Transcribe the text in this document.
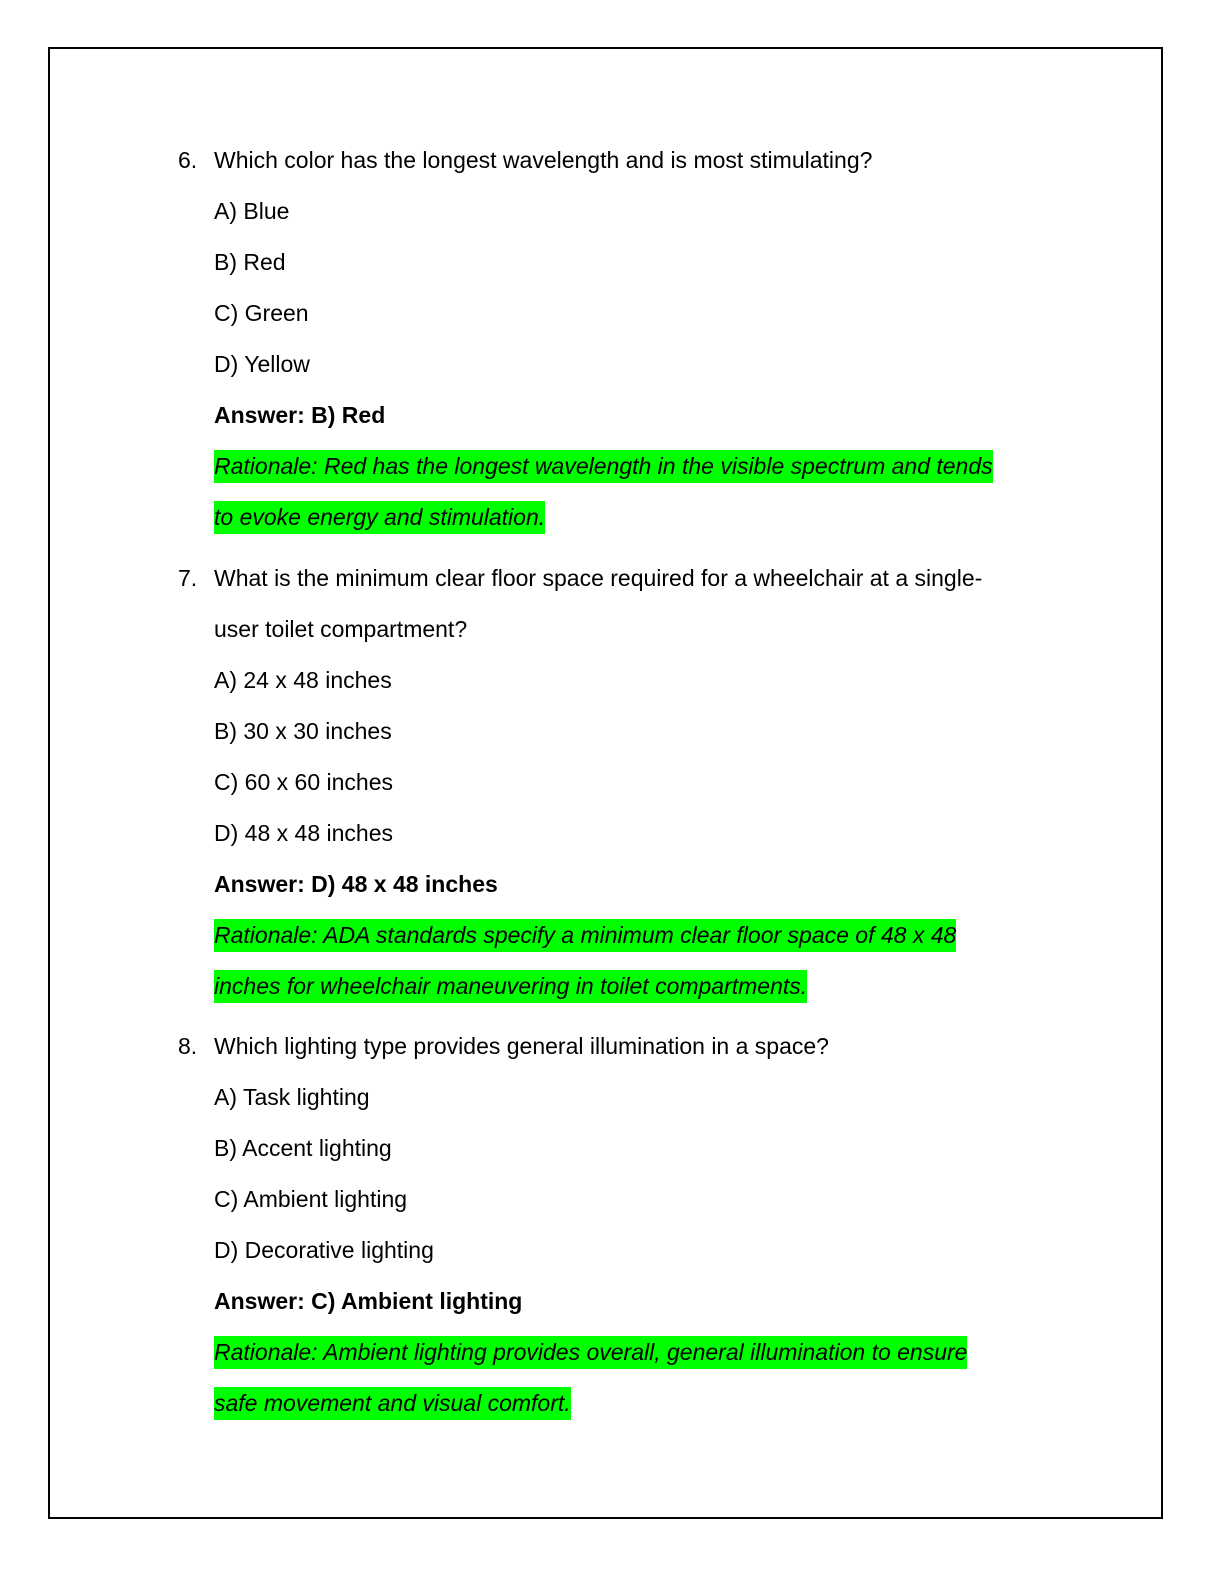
6. Which color has the longest wavelength and is most stimulating?
A) Blue
B) Red
C) Green
D) Yellow
Answer: B) Red
Rationale: Red has the longest wavelength in the visible spectrum and tends
to evoke energy and stimulation.
7. What is the minimum clear floor space required for a wheelchair at a single-
user toilet compartment?
A) 24 x 48 inches
B) 30 x 30 inches
C) 60 x 60 inches
D) 48 x 48 inches
Answer: D) 48 x 48 inches
Rationale: ADA standards specify a minimum clear floor space of 48 x 48
inches for wheelchair maneuvering in toilet compartments.
8. Which lighting type provides general illumination in a space?
A) Task lighting
B) Accent lighting
C) Ambient lighting
D) Decorative lighting
Answer: C) Ambient lighting
Rationale: Ambient lighting provides overall, general illumination to ensure
safe movement and visual comfort.
